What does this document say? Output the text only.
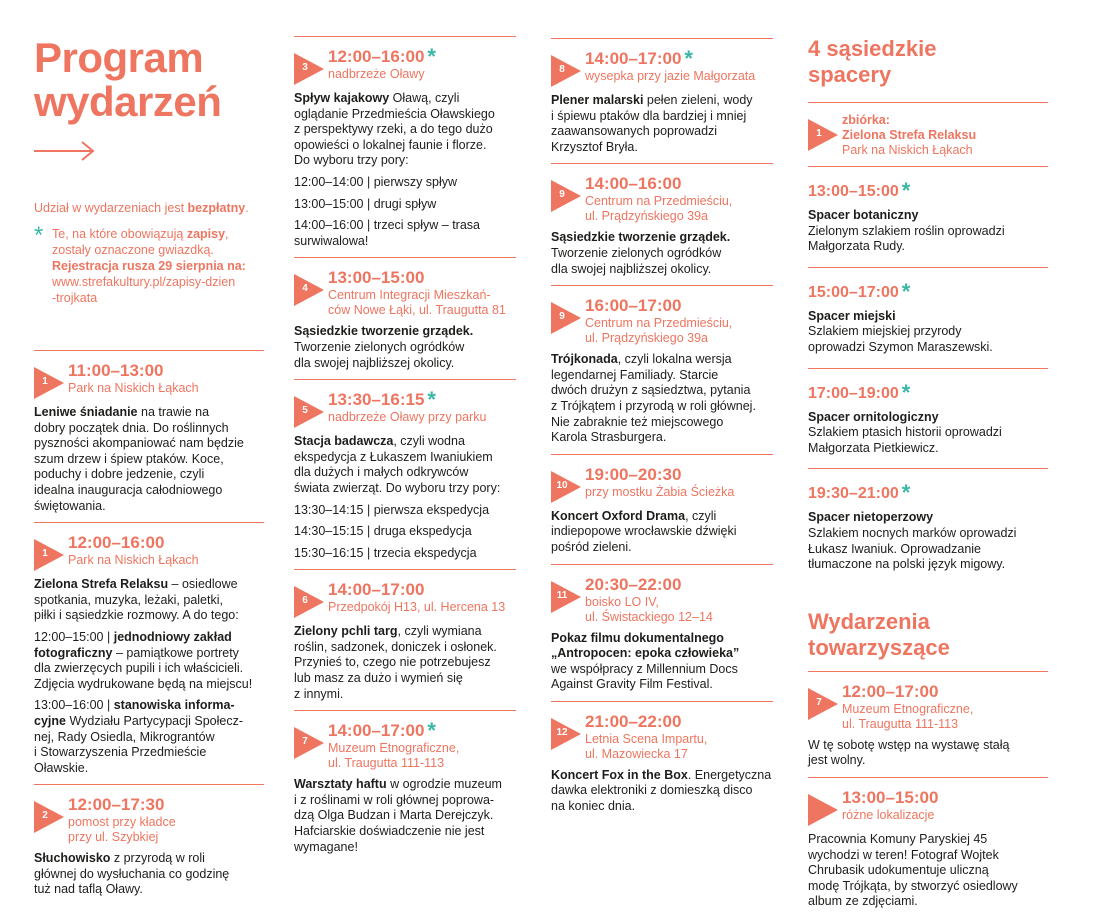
Program
wydarzeń
Udział w wydarzeniach jest bezpłatny.
* Te, na które obowiązują zapisy,
zostały oznaczone gwiazdką.
Rejestracja rusza 29 sierpnia na:
www.strefakultury.pl/zapisy-dzien
-trojkata
1
11:00–13:00
Park na Niskich Łąkach
Leniwe śniadanie na trawie na
dobry początek dnia. Do roślinnych
pyszności akompaniować nam będzie
szum drzew i śpiew ptaków. Koce,
poduchy i dobre jedzenie, czyli
idealna inauguracja całodniowego
świętowania.
1
12:00–16:00
Park na Niskich Łąkach

Zielona Strefa Relaksu – osiedlowe
spotkania, muzyka, leżaki, paletki,
piłki i sąsiedzkie rozmowy. A do tego:

12:00–15:00 | jednodniowy zakład
fotograficzny – pamiątkowe portrety
dla zwierzęcych pupili i ich właścicieli.
Zdjęcia wydrukowane będą na miejscu!

13:00–16:00 | stanowiska informa-
cyjne Wydziału Partycypacji Społecz-
nej, Rady Osiedla, Mikrograntów
i Stowarzyszenia Przedmieście
Oławskie.

2
12:00–17:30
pomost przy kładce
przy ul. Szybkiej
Słuchowisko z przyrodą w roli
głównej do wysłuchania co godzinę
tuż nad taflą Oławy.
3
12:00–16:00 *
nadbrzeże Oławy

Spływ kajakowy Oławą, czyli
oglądanie Przedmieścia Oławskiego
z perspektywy rzeki, a do tego dużo
opowieści o lokalnej faunie i florze.
Do wyboru trzy pory:

12:00–14:00 | pierwszy spływ

13:00–15:00 | drugi spływ

14:00–16:00 | trzeci spływ – trasa
surwiwalowa!

4
13:00–15:00
Centrum Integracji Mieszkań-
ców Nowe Łąki, ul. Traugutta 81
Sąsiedzkie tworzenie grządek.
Tworzenie zielonych ogródków
dla swojej najbliższej okolicy.
5
13:30–16:15 *
nadbrzeże Oławy przy parku

Stacja badawcza, czyli wodna
ekspedycja z Łukaszem Iwaniukiem
dla dużych i małych odkrywców
świata zwierząt. Do wyboru trzy pory:

13:30–14:15 | pierwsza ekspedycja

14:30–15:15 | druga ekspedycja

15:30–16:15 | trzecia ekspedycja

6
14:00–17:00
Przedpokój H13, ul. Hercena 13
Zielony pchli targ, czyli wymiana
roślin, sadzonek, doniczek i osłonek.
Przynieś to, czego nie potrzebujesz
lub masz za dużo i wymień się
z innymi.
7
14:00–17:00 *
Muzeum Etnograficzne,
ul. Traugutta 111-113
Warsztaty haftu w ogrodzie muzeum
i z roślinami w roli głównej poprowa-
dzą Olga Budzan i Marta Derejczyk.
Hafciarskie doświadczenie nie jest
wymagane!
8
14:00–17:00 *
wysepka przy jazie Małgorzata
Plener malarski pełen zieleni, wody
i śpiewu ptaków dla bardziej i mniej
zaawansowanych poprowadzi
Krzysztof Bryła.
9
14:00–16:00
Centrum na Przedmieściu,
ul. Prądzyńskiego 39a
Sąsiedzkie tworzenie grządek.
Tworzenie zielonych ogródków
dla swojej najbliższej okolicy.
9
16:00–17:00
Centrum na Przedmieściu,
ul. Prądzyńskiego 39a
Trójkonada, czyli lokalna wersja
legendarnej Familiady. Starcie
dwóch drużyn z sąsiedztwa, pytania
z Trójkątem i przyrodą w roli głównej.
Nie zabraknie też miejscowego
Karola Strasburgera.
10
19:00–20:30
przy mostku Żabia Ścieżka
Koncert Oxford Drama, czyli
indiepopowe wrocławskie dźwięki
pośród zieleni.
11
20:30–22:00
boisko LO IV,
ul. Świstackiego 12–14
Pokaz filmu dokumentalnego
„Antropocen: epoka człowieka”
we współpracy z Millennium Docs
Against Gravity Film Festival.
12
21:00–22:00
Letnia Scena Impartu,
ul. Mazowiecka 17
Koncert Fox in the Box. Energetyczna
dawka elektroniki z domieszką disco
na koniec dnia.
4 sąsiedzkie
spacery
1
zbiórka:
Zielona Strefa Relaksu
Park na Niskich Łąkach
13:00–15:00 *
Spacer botaniczny
Zielonym szlakiem roślin oprowadzi
Małgorzata Rudy.
15:00–17:00 *
Spacer miejski
Szlakiem miejskiej przyrody
oprowadzi Szymon Maraszewski.
17:00–19:00 *
Spacer ornitologiczny
Szlakiem ptasich historii oprowadzi
Małgorzata Pietkiewicz.
19:30–21:00 *
Spacer nietoperzowy
Szlakiem nocnych marków oprowadzi
Łukasz Iwaniuk. Oprowadzanie
tłumaczone na polski język migowy.
Wydarzenia
towarzyszące
7
12:00–17:00
Muzeum Etnograficzne,
ul. Traugutta 111-113
W tę sobotę wstęp na wystawę stałą
jest wolny.
13:00–15:00
różne lokalizacje
Pracownia Komuny Paryskiej 45
wychodzi w teren! Fotograf Wojtek
Chrubasik udokumentuje uliczną
modę Trójkąta, by stworzyć osiedlowy
album ze zdjęciami.
